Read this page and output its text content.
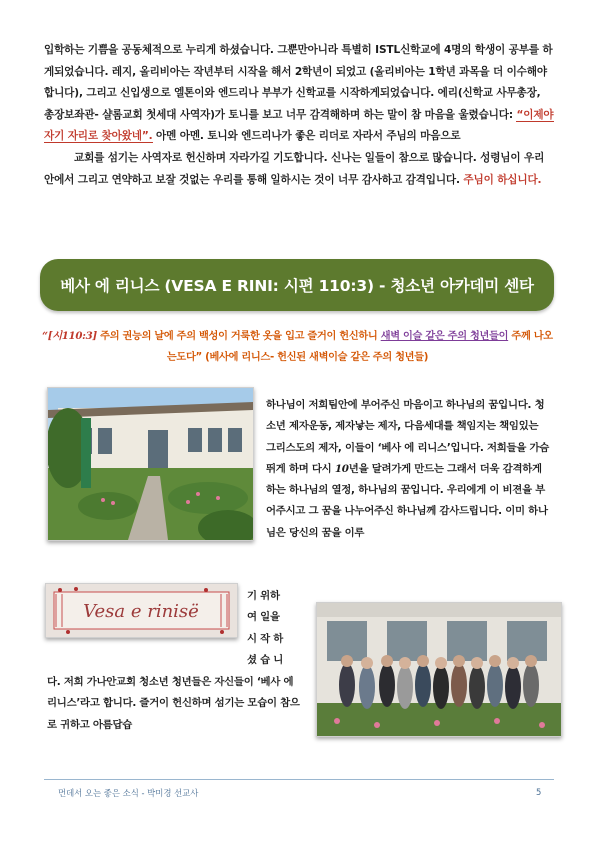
입학하는 기쁨을 공동체적으로 누리게 하셨습니다. 그뿐만아니라 특별히 ISTL신학교에 4명의 학생이 공부를 하게되었습니다. 레지, 올리비아는 작년부터 시작을 해서 2학년이 되었고 (올리비아는 1학년 과목을 더 이수해야합니다), 그리고 신입생으로 엘톤이와 엔드리나 부부가 신학교를 시작하게되었습니다. 에리(신학교 사무총장, 총장보좌관- 샬롬교회 첫세대 사역자)가 토니를 보고 너무 감격해하며 하는 말이 참 마음을 울렸습니다: “이제야 자기 자리로 찾아왔네”. 아멘 아멘. 토니와 엔드리나가 좋은 리더로 자라서 주님의 마음으로

교회를 섬기는 사역자로 헌신하며 자라가길 기도합니다. 신나는 일들이 참으로 많습니다. 성령님이 우리안에서 그리고 연약하고 보잘 것없는 우리를 통해 일하시는 것이 너무 감사하고 감격입니다. 주님이 하십니다.

베사 에 리니스 (VESA E RINI: 시편 110:3) - 청소년 아카데미 센타
“[시110:3] 주의 권능의 날에 주의 백성이 거룩한 옷을 입고 즐거이 헌신하니 새벽 이슬 같은 주의 청년들이 주께 나오는도다” (베사에 리니스- 헌신된 새벽이슬 같은 주의 청년들)
Vesa e rinisë
하나님이 저희팀안에 부어주신 마음이고 하나님의 꿈입니다. 청소년 제자운동, 제자낳는 제자, 다음세대를 책임지는 책임있는 그리스도의 제자, 이들이 ‘베사 에 리니스’입니다. 저희들을 가슴뛰게 하며 다시 10년을 달려가게 만드는 그래서 더욱 감격하게 하는 하나님의 열정, 하나님의 꿈입니다. 우리에게 이 비젼을 부어주시고 그 꿈을 나누어주신 하나님께 감사드립니다. 이미 하나님은 당신의 꿈을 이루
기 위하
여 일을
시 작 하
셨 습 니
다. 저희 가나안교회 청소년 청년들은 자신들이 ‘베사 에 리니스’라고 합니다. 즐거이 헌신하며 섬기는 모습이 참으로 귀하고 아름답습
먼데서 오는 좋은 소식 - 박미경 선교사	5
